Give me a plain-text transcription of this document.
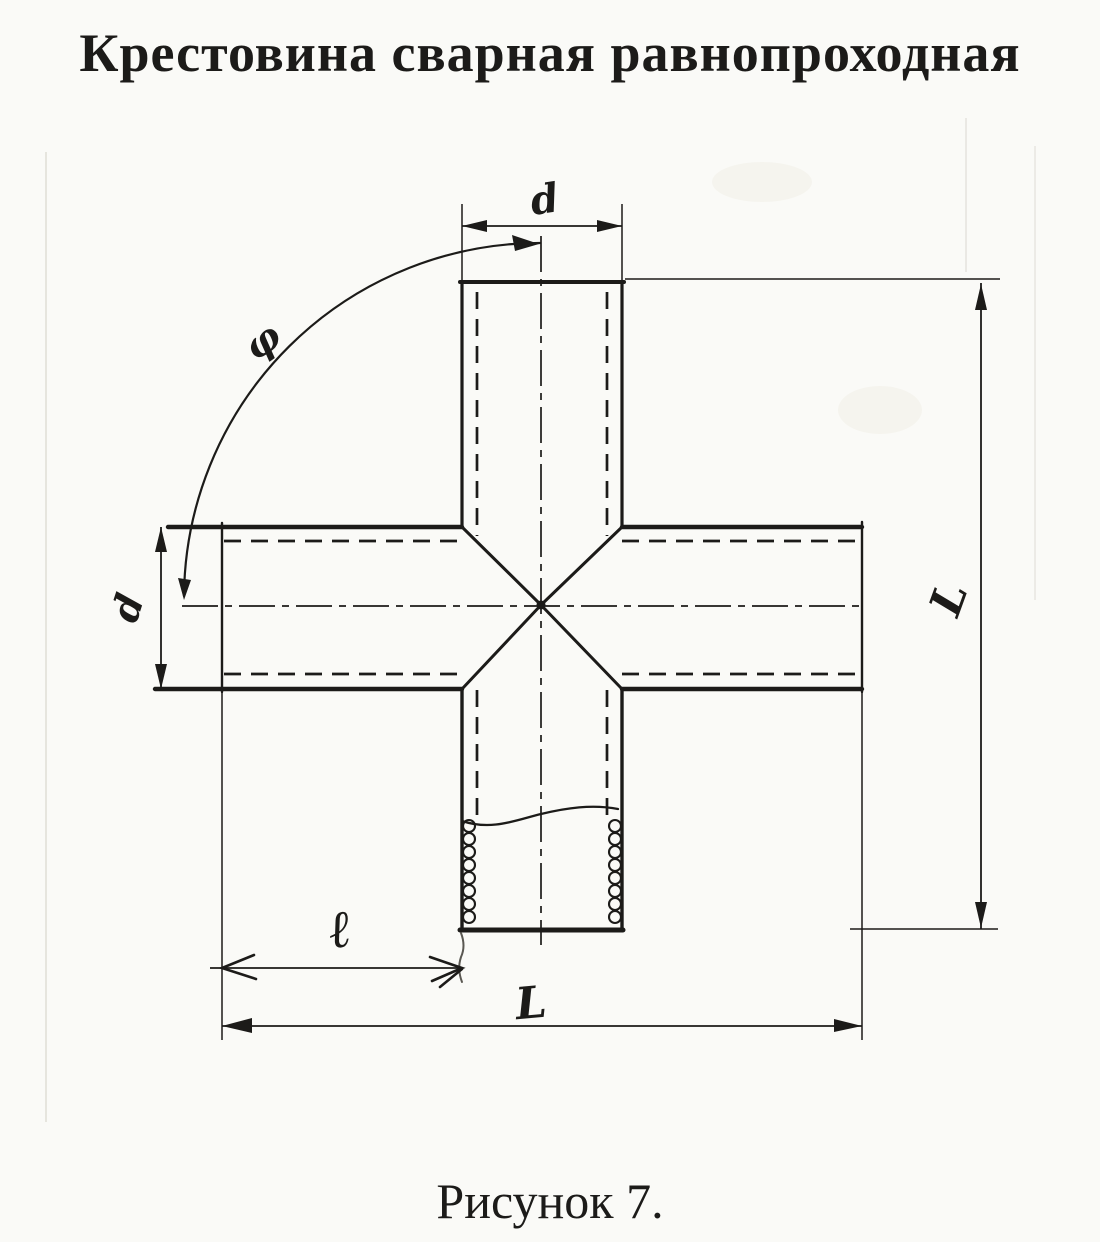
Крестовина сварная равнопроходная
d
d
φ
L
ℓ
L
Рисунок 7.
